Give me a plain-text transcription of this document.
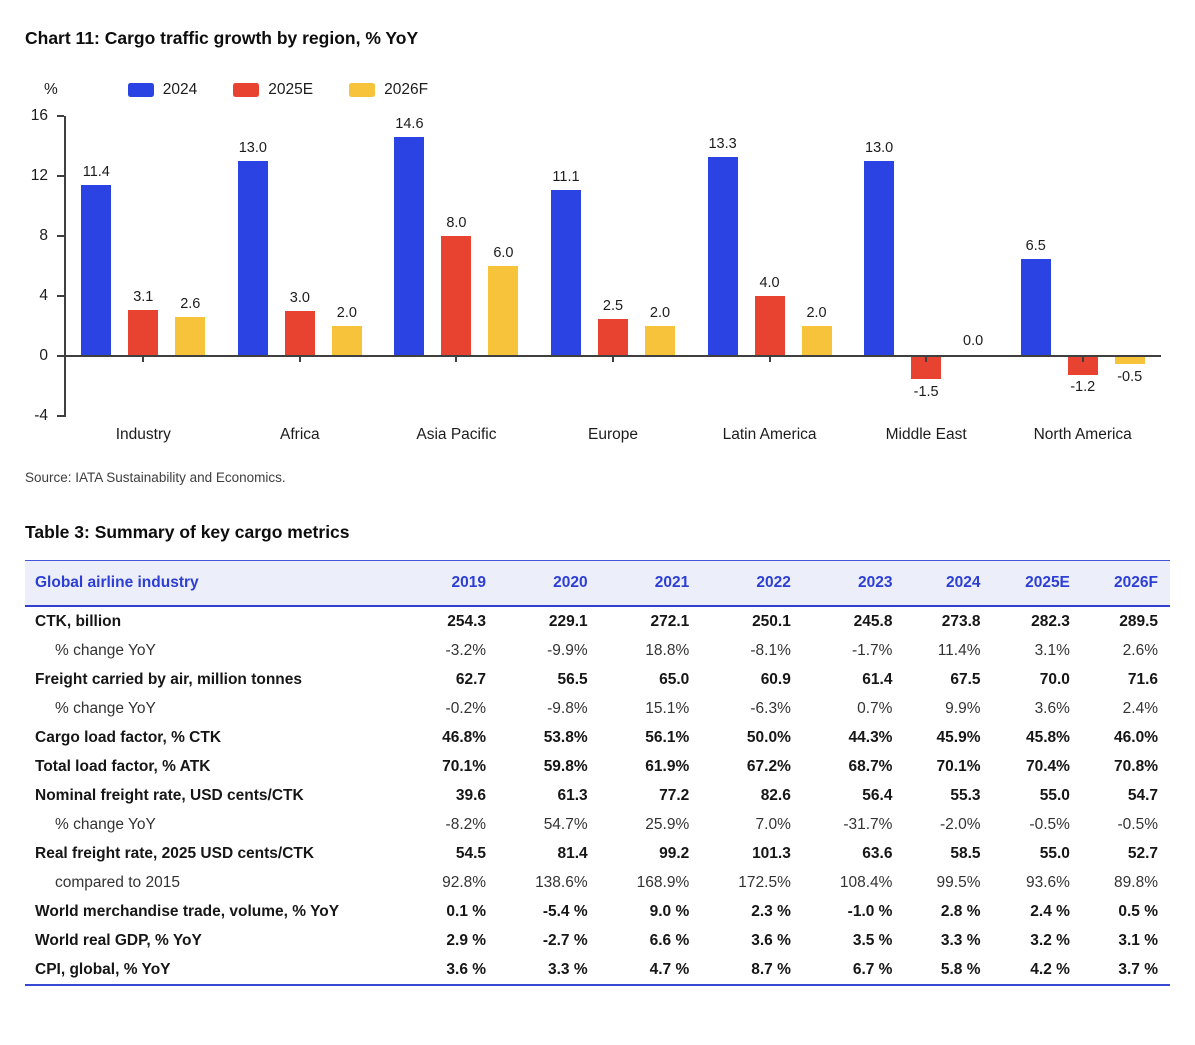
Chart 11: Cargo traffic growth by region, % YoY
%	2024	2025E	2026F
16
12
8
4
0
-4
11.4
3.1	2.6
13.0
3.0
2.0
14.6
8.0
6.0
11.1
2.5	2.0
13.3
4.0
2.0
13.0
-1.5
0.0
6.5
-1.2
-0.5
Industry	Africa	Asia Pacific	Europe	Latin America	Middle East	North America
Source: IATA Sustainability and Economics.
Table 3: Summary of key cargo metrics
Global airline industry	2019	2020	2021	2022	2023	2024	2025E	2026F
CTK, billion	254.3	229.1	272.1	250.1	245.8	273.8	282.3	289.5
% change YoY	-3.2%	-9.9%	18.8%	-8.1%	-1.7%	11.4%	3.1%	2.6%
Freight carried by air, million tonnes	62.7	56.5	65.0	60.9	61.4	67.5	70.0	71.6
% change YoY	-0.2%	-9.8%	15.1%	-6.3%	0.7%	9.9%	3.6%	2.4%
Cargo load factor, % CTK	46.8%	53.8%	56.1%	50.0%	44.3%	45.9%	45.8%	46.0%
Total load factor, % ATK	70.1%	59.8%	61.9%	67.2%	68.7%	70.1%	70.4%	70.8%
Nominal freight rate, USD cents/CTK	39.6	61.3	77.2	82.6	56.4	55.3	55.0	54.7
% change YoY	-8.2%	54.7%	25.9%	7.0%	-31.7%	-2.0%	-0.5%	-0.5%
Real freight rate, 2025 USD cents/CTK	54.5	81.4	99.2	101.3	63.6	58.5	55.0	52.7
compared to 2015	92.8%	138.6%	168.9%	172.5%	108.4%	99.5%	93.6%	89.8%
World merchandise trade, volume, % YoY	0.1 %	-5.4 %	9.0 %	2.3 %	-1.0 %	2.8 %	2.4 %	0.5 %
World real GDP, % YoY	2.9 %	-2.7 %	6.6 %	3.6 %	3.5 %	3.3 %	3.2 %	3.1 %
CPI, global, % YoY	3.6 %	3.3 %	4.7 %	8.7 %	6.7 %	5.8 %	4.2 %	3.7 %
